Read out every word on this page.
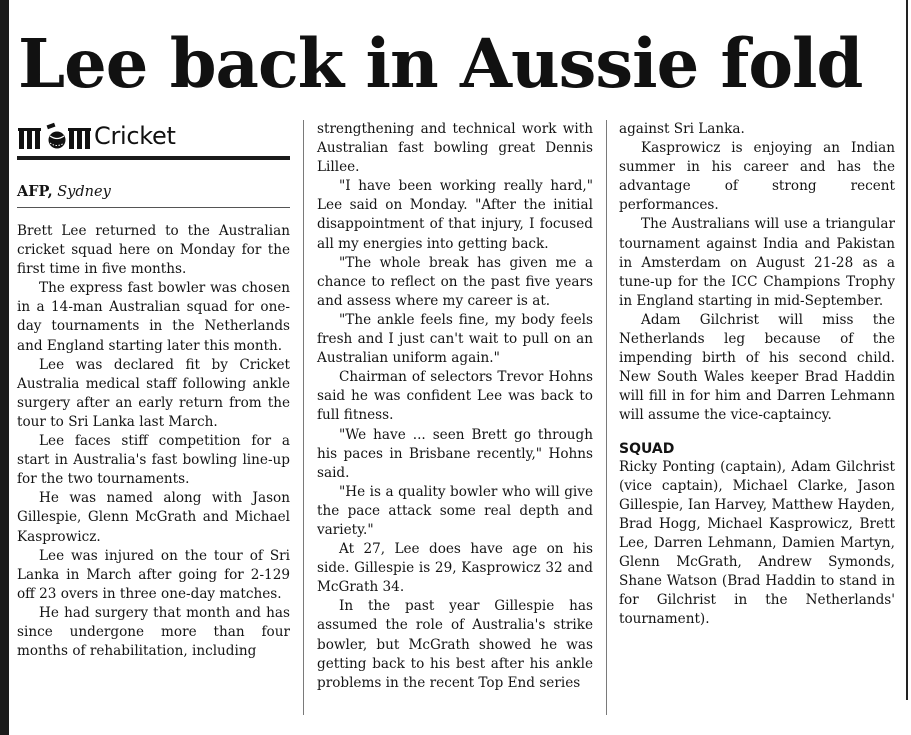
Lee back in Aussie fold
Cricket
AFP, Sydney

Brett Lee returned to the Australian cricket squad here on Monday for the first time in five months.

The express fast bowler was chosen in a 14-man Australian squad for one-day tournaments in the Netherlands and England starting later this month.

Lee was declared fit by Cricket Australia medical staff following ankle surgery after an early return from the tour to Sri Lanka last March.

Lee faces stiff competition for a start in Australia's fast bowling line-up for the two tournaments.

He was named along with Jason Gillespie, Glenn McGrath and Michael Kasprowicz.

Lee was injured on the tour of Sri Lanka in March after going for 2-129 off 23 overs in three one-day matches.

He had surgery that month and has since undergone more than four months of rehabilitation, including

strengthening and technical work with Australian fast bowling great Dennis Lillee.

"I have been working really hard," Lee said on Monday. "After the initial disappointment of that injury, I focused all my energies into getting back.

"The whole break has given me a chance to reflect on the past five years and assess where my career is at.

"The ankle feels fine, my body feels fresh and I just can't wait to pull on an Australian uniform again."

Chairman of selectors Trevor Hohns said he was confident Lee was back to full fitness.

"We have ... seen Brett go through his paces in Brisbane recently," Hohns said.

"He is a quality bowler who will give the pace attack some real depth and variety."

At 27, Lee does have age on his side. Gillespie is 29, Kasprowicz 32 and McGrath 34.

In the past year Gillespie has assumed the role of Australia's strike bowler, but McGrath showed he was getting back to his best after his ankle problems in the recent Top End series

against Sri Lanka.

Kasprowicz is enjoying an Indian summer in his career and has the advantage of strong recent performances.

The Australians will use a triangular tournament against India and Pakistan in Amsterdam on August 21-28 as a tune-up for the ICC Champions Trophy in England starting in mid-September.

Adam Gilchrist will miss the Netherlands leg because of the impending birth of his second child. New South Wales keeper Brad Haddin will fill in for him and Darren Lehmann will assume the vice-captaincy.

SQUAD

Ricky Ponting (captain), Adam Gilchrist (vice captain), Michael Clarke, Jason Gillespie, Ian Harvey, Matthew Hayden, Brad Hogg, Michael Kasprowicz, Brett Lee, Darren Lehmann, Damien Martyn, Glenn McGrath, Andrew Symonds, Shane Watson (Brad Haddin to stand in for Gilchrist in the Netherlands' tournament).
